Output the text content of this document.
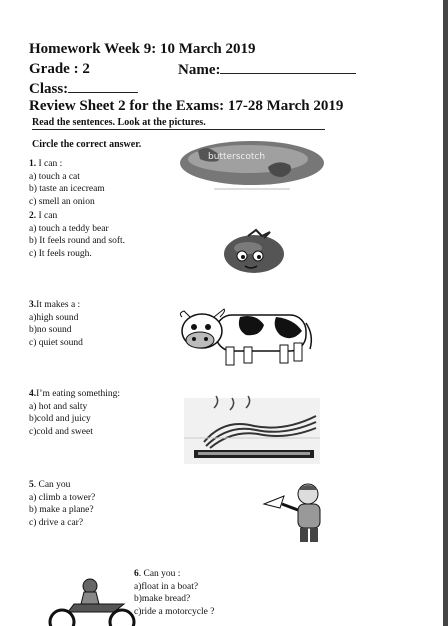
Homework Week 9: 10 March 2019
Grade : 2	Name:
Class:
Review Sheet 2 for the Exams: 17-28 March 2019
Read the sentences. Look at the pictures.
Circle the correct answer.
1. I can :
a) touch a cat
b) taste an icecream
c) smell an onion
butterscotch
2. I can
a) touch a teddy bear
b) It feels round and soft.
c) It feels rough.
3.It makes a :
a)high sound
b)no sound
c) quiet sound
4.I’m eating something:
a) hot and salty
b)cold and juicy
c)cold and sweet
5. Can you
a) climb a tower?
b) make a plane?
c) drive a car?
6. Can you :
a)float in a boat?
b)make bread?
c)ride a motorcycle ?
